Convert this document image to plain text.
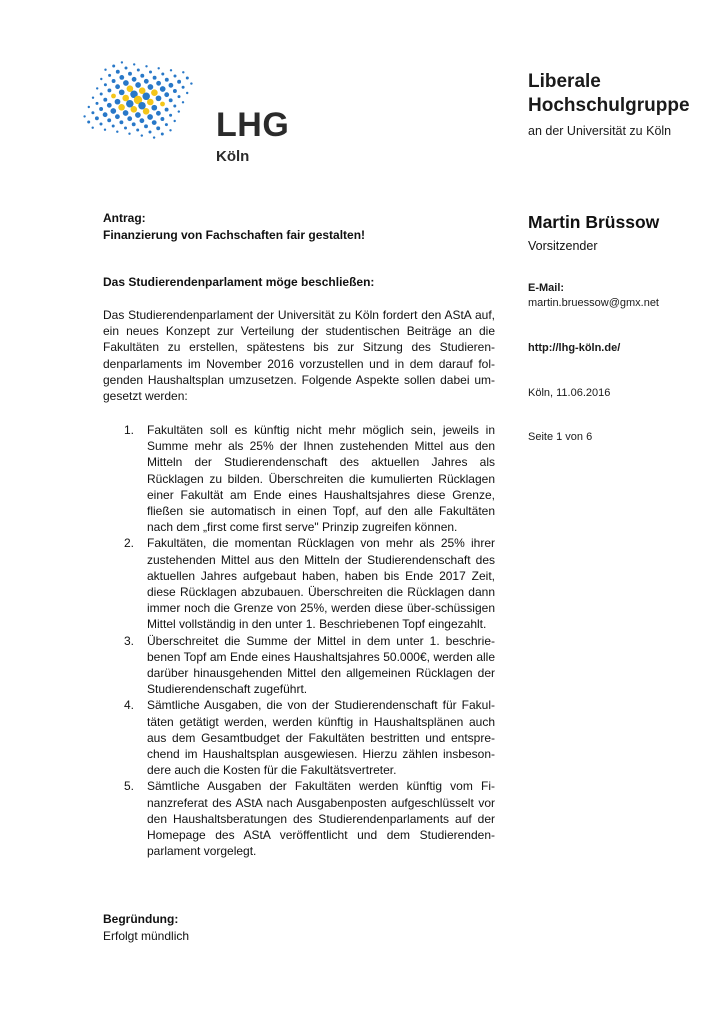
LHG
Köln
Liberale
Hochschulgruppe
an der Universität zu Köln
Martin Brüssow
Vorsitzender
E-Mail:
martin.bruessow@gmx.net
http://lhg-köln.de/
Köln, 11.06.2016
Seite 1 von 6
Antrag:
Finanzierung von Fachschaften fair gestalten!
Das Studierendenparlament möge beschließen:
Das Studierendenparlament der Universität zu Köln fordert den AStA auf, ein neues Konzept zur Verteilung der studentischen Beiträge an die Fakultäten zu erstellen, spätestens bis zur Sitzung des Studieren-denparlaments im November 2016 vorzustellen und in dem darauf fol-genden Haushaltsplan umzusetzen. Folgende Aspekte sollen dabei um-gesetzt werden:
1. Fakultäten soll es künftig nicht mehr möglich sein, jeweils in Summe mehr als 25% der Ihnen zustehenden Mittel aus den Mitteln der Studierendenschaft des aktuellen Jahres als Rücklagen zu bilden. Überschreiten die kumulierten Rücklagen einer Fakultät am Ende eines Haushaltsjahres diese Grenze, fließen sie automatisch in einen Topf, auf den alle Fakultäten nach dem „first come first serve" Prinzip zugreifen können.
2. Fakultäten, die momentan Rücklagen von mehr als 25% ihrer zustehenden Mittel aus den Mitteln der Studierendenschaft des aktuellen Jahres aufgebaut haben, haben bis Ende 2017 Zeit, diese Rücklagen abzubauen. Überschreiten die Rücklagen dann immer noch die Grenze von 25%, werden diese über-schüssigen Mittel vollständig in den unter 1. Beschriebenen Topf eingezahlt.
3. Überschreitet die Summe der Mittel in dem unter 1. beschrie-benen Topf am Ende eines Haushaltsjahres 50.000€, werden alle darüber hinausgehenden Mittel den allgemeinen Rücklagen der Studierendenschaft zugeführt.
4. Sämtliche Ausgaben, die von der Studierendenschaft für Fakul-täten getätigt werden, werden künftig in Haushaltsplänen auch aus dem Gesamtbudget der Fakultäten bestritten und entspre-chend im Haushaltsplan ausgewiesen. Hierzu zählen insbeson-dere auch die Kosten für die Fakultätsvertreter.
5. Sämtliche Ausgaben der Fakultäten werden künftig vom Fi-nanzreferat des AStA nach Ausgabenposten aufgeschlüsselt vor den Haushaltsberatungen des Studierendenparlaments auf der Homepage des AStA veröffentlicht und dem Studierenden-parlament vorgelegt.
Begründung:
Erfolgt mündlich
